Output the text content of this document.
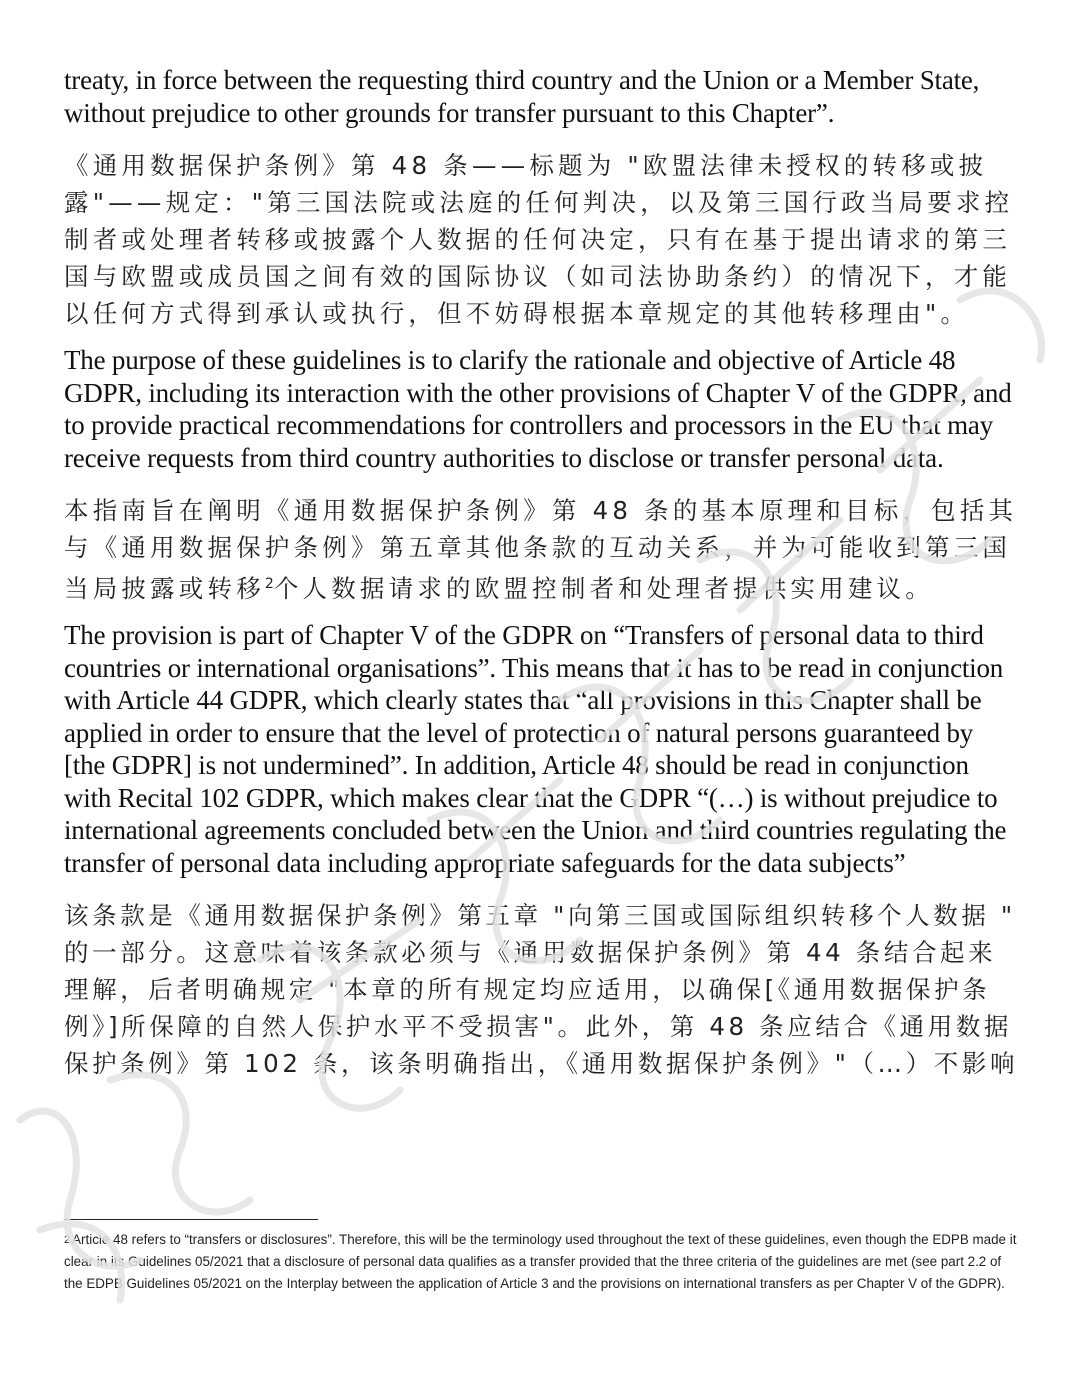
treaty, in force between the requesting third country and the Union or a Member State, without prejudice to other grounds for transfer pursuant to this Chapter”.

《通用数据保护条例》第 48 条——标题为 "欧盟法律未授权的转移或披露"——规定："第三国法院或法庭的任何判决，以及第三国行政当局要求控制者或处理者转移或披露个人数据的任何决定，只有在基于提出请求的第三国与欧盟或成员国之间有效的国际协议（如司法协助条约）的情况下，才能以任何方式得到承认或执行，但不妨碍根据本章规定的其他转移理由"。

The purpose of these guidelines is to clarify the rationale and objective of Article 48 GDPR, including its interaction with the other provisions of Chapter V of the GDPR, and to provide practical recommendations for controllers and processors in the EU that may receive requests from third country authorities to disclose or transfer personal data.

本指南旨在阐明《通用数据保护条例》第 48 条的基本原理和目标，包括其与《通用数据保护条例》第五章其他条款的互动关系，并为可能收到第三国当局披露或转移$^2$个人数据请求的欧盟控制者和处理者提供实用建议。

The provision is part of Chapter V of the GDPR on “Transfers of personal data to third countries or international organisations”. This means that it has to be read in conjunction with Article 44 GDPR, which clearly states that “all provisions in this Chapter shall be applied in order to ensure that the level of protection of natural persons guaranteed by [the GDPR] is not undermined”. In addition, Article 48 should be read in conjunction with Recital 102 GDPR, which makes clear that the GDPR “(…) is without prejudice to international agreements concluded between the Union and third countries regulating the transfer of personal data including appropriate safeguards for the data subjects”

该条款是《通用数据保护条例》第五章 "向第三国或国际组织转移个人数据 " 的一部分。这意味着该条款必须与《通用数据保护条例》第 44 条结合起来理解，后者明确规定 "本章的所有规定均应适用，以确保[《通用数据保护条例》]所保障的自然人保护水平不受损害"。此外，第 48 条应结合《通用数据保护条例》第 102 条，该条明确指出，《通用数据保护条例》"（…）不影响

$^2$ Article 48 refers to “transfers or disclosures”. Therefore, this will be the terminology used throughout the text of these guidelines, even though the EDPB made it clear in its Guidelines 05/2021 that a disclosure of personal data qualifies as a transfer provided that the three criteria of the guidelines are met (see part 2.2 of the EDPB Guidelines 05/2021 on the Interplay between the application of Article 3 and the provisions on international transfers as per Chapter V of the GDPR).
